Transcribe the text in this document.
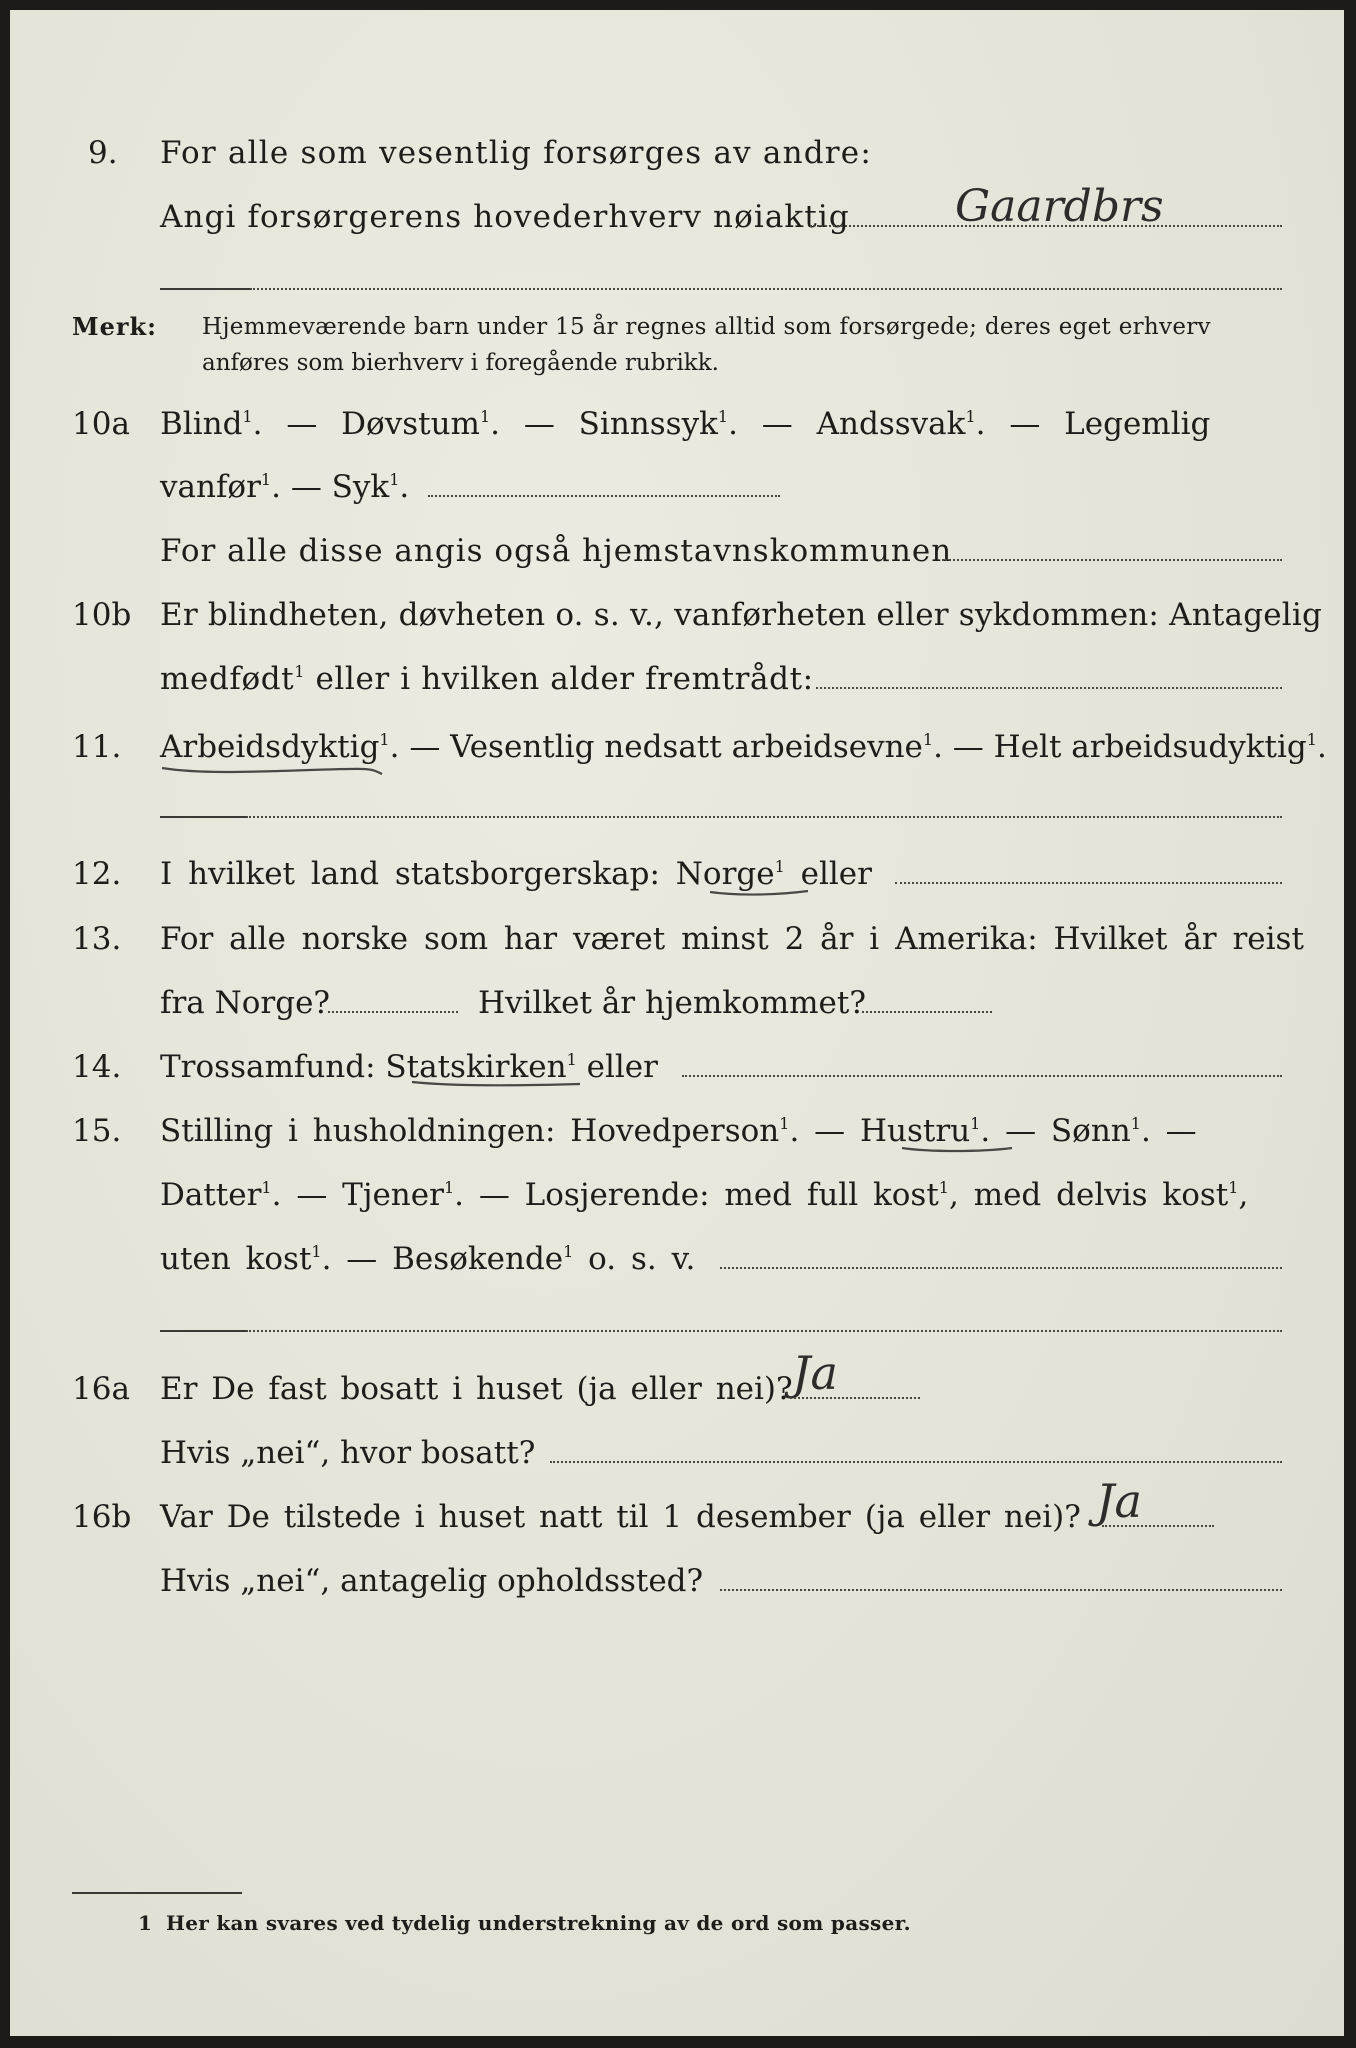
9. For alle som vesentlig forsørges av andre:
Angi forsørgerens hovederhverv nøiaktig Gaardbrs
Merk: Hjemmeværende barn under 15 år regnes alltid som forsørgede; deres eget erhverv
anføres som bierhverv i foregående rubrikk.
10a Blind$^1$. — Døvstum$^1$. — Sinnssyk$^1$. — Andssvak$^1$. — Legemlig
vanfør$^1$. — Syk$^1$.
For alle disse angis også hjemstavnskommunen
10b Er blindheten, døvheten o. s. v., vanførheten eller sykdommen: Antagelig
medfødt$^1$ eller i hvilken alder fremtrådt:
11. Arbeidsdyktig$^1$. — Vesentlig nedsatt arbeidsevne$^1$. — Helt arbeidsudyktig$^1$.
12. I hvilket land statsborgerskap: Norge$^1$ eller
13. For alle norske som har været minst 2 år i Amerika: Hvilket år reist
fra Norge?	Hvilket år hjemkommet?
14. Trossamfund: Statskirken$^1$ eller
15. Stilling i husholdningen: Hovedperson$^1$. — Hustru$^1$. — Sønn$^1$. —
Datter$^1$. — Tjener$^1$. — Losjerende: med full kost$^1$, med delvis kost$^1$,
uten kost$^1$. — Besøkende$^1$ o. s. v.
16a Er De fast bosatt i huset (ja eller nei)? Ja
Hvis „nei“, hvor bosatt?
16b Var De tilstede i huset natt til 1 desember (ja eller nei)? Ja
Hvis „nei“, antagelig opholdssted?
1 Her kan svares ved tydelig understrekning av de ord som passer.
